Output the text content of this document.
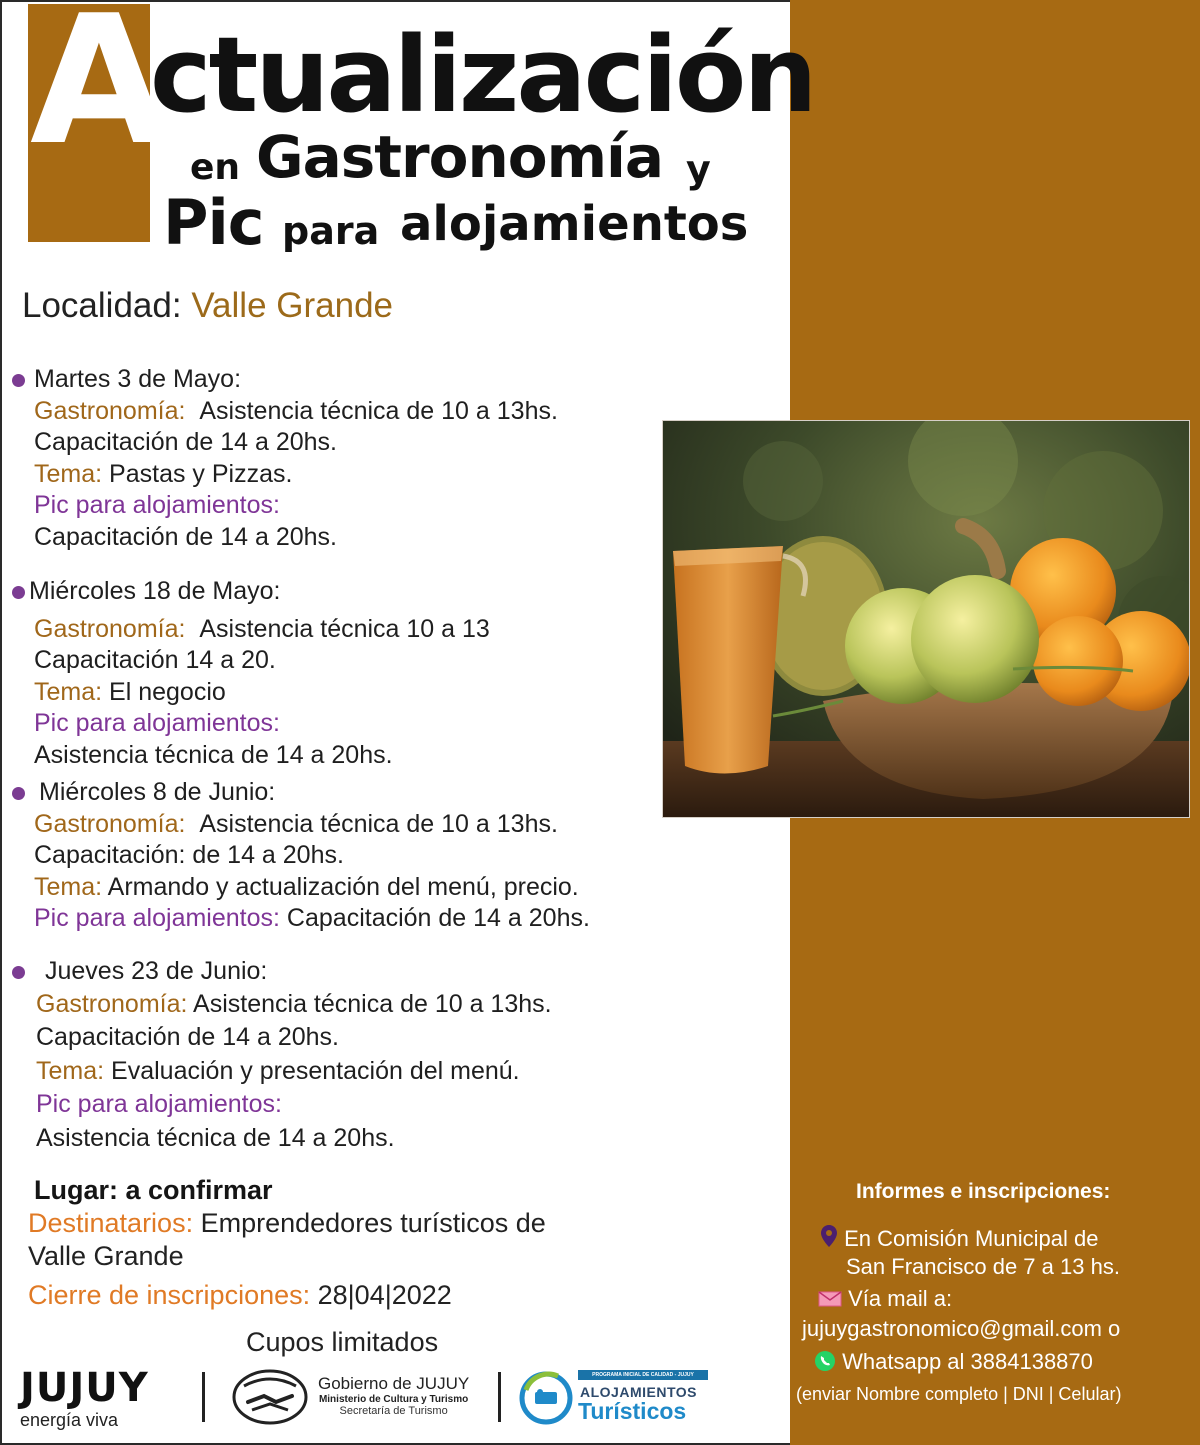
A
ctualización
en Gastronomía y
Pic para alojamientos
Localidad: Valle Grande
Martes 3 de Mayo:
Gastronomía: Asistencia técnica de 10 a 13hs.
Capacitación de 14 a 20hs.
Tema: Pastas y Pizzas.
Pic para alojamientos:
Capacitación de 14 a 20hs.
Miércoles 18 de Mayo:
Gastronomía: Asistencia técnica 10 a 13
Capacitación 14 a 20.
Tema: El negocio
Pic para alojamientos:
Asistencia técnica de 14 a 20hs.
Miércoles 8 de Junio:
Gastronomía: Asistencia técnica de 10 a 13hs.
Capacitación: de 14 a 20hs.
Tema: Armando y actualización del menú, precio.
Pic para alojamientos: Capacitación de 14 a 20hs.
Jueves 23 de Junio:
Gastronomía: Asistencia técnica de 10 a 13hs.
Capacitación de 14 a 20hs.
Tema: Evaluación y presentación del menú.
Pic para alojamientos:
Asistencia técnica de 14 a 20hs.
Lugar: a confirmar
Destinatarios: Emprendedores turísticos de
Valle Grande
Cierre de inscripciones: 28|04|2022
Cupos limitados
JUJUY
energía viva
Gobierno de JUJUY
Ministerio de Cultura y Turismo
Secretaría de Turismo
PROGRAMA INICIAL DE CALIDAD - JUJUY
ALOJAMIENTOS
Turísticos
Informes e inscripciones:
En Comisión Municipal de
San Francisco de 7 a 13 hs.
Vía mail a:
jujuygastronomico@gmail.com o
Whatsapp al 3884138870
(enviar Nombre completo | DNI | Celular)
